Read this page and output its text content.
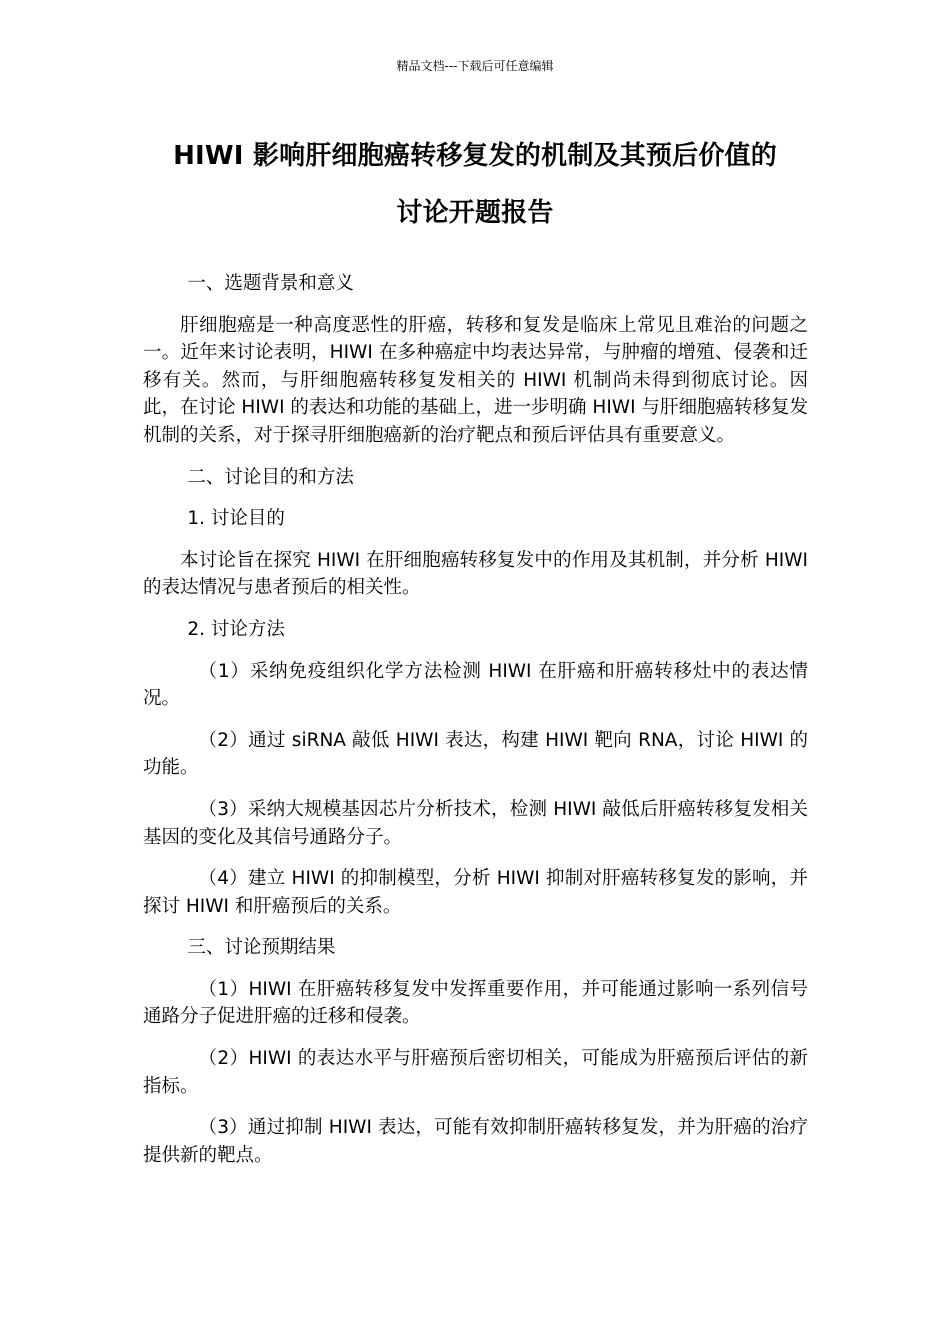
精品文档---下载后可任意编辑
HIWI 影响肝细胞癌转移复发的机制及其预后价值的
讨论开题报告

一、选题背景和意义

肝细胞癌是一种高度恶性的肝癌，转移和复发是临床上常见且难治的问题之一。近年来讨论表明，HIWI 在多种癌症中均表达异常，与肿瘤的增殖、侵袭和迁移有关。然而，与肝细胞癌转移复发相关的 HIWI 机制尚未得到彻底讨论。因此，在讨论 HIWI 的表达和功能的基础上，进一步明确 HIWI 与肝细胞癌转移复发机制的关系，对于探寻肝细胞癌新的治疗靶点和预后评估具有重要意义。

二、讨论目的和方法

1. 讨论目的

本讨论旨在探究 HIWI 在肝细胞癌转移复发中的作用及其机制，并分析 HIWI 的表达情况与患者预后的相关性。

2. 讨论方法

（1）采纳免疫组织化学方法检测 HIWI 在肝癌和肝癌转移灶中的表达情况。

（2）通过 siRNA 敲低 HIWI 表达，构建 HIWI 靶向 RNA，讨论 HIWI 的功能。

（3）采纳大规模基因芯片分析技术，检测 HIWI 敲低后肝癌转移复发相关基因的变化及其信号通路分子。

（4）建立 HIWI 的抑制模型，分析 HIWI 抑制对肝癌转移复发的影响，并探讨 HIWI 和肝癌预后的关系。

三、讨论预期结果

（1）HIWI 在肝癌转移复发中发挥重要作用，并可能通过影响一系列信号通路分子促进肝癌的迁移和侵袭。

（2）HIWI 的表达水平与肝癌预后密切相关，可能成为肝癌预后评估的新指标。

（3）通过抑制 HIWI 表达，可能有效抑制肝癌转移复发，并为肝癌的治疗提供新的靶点。
